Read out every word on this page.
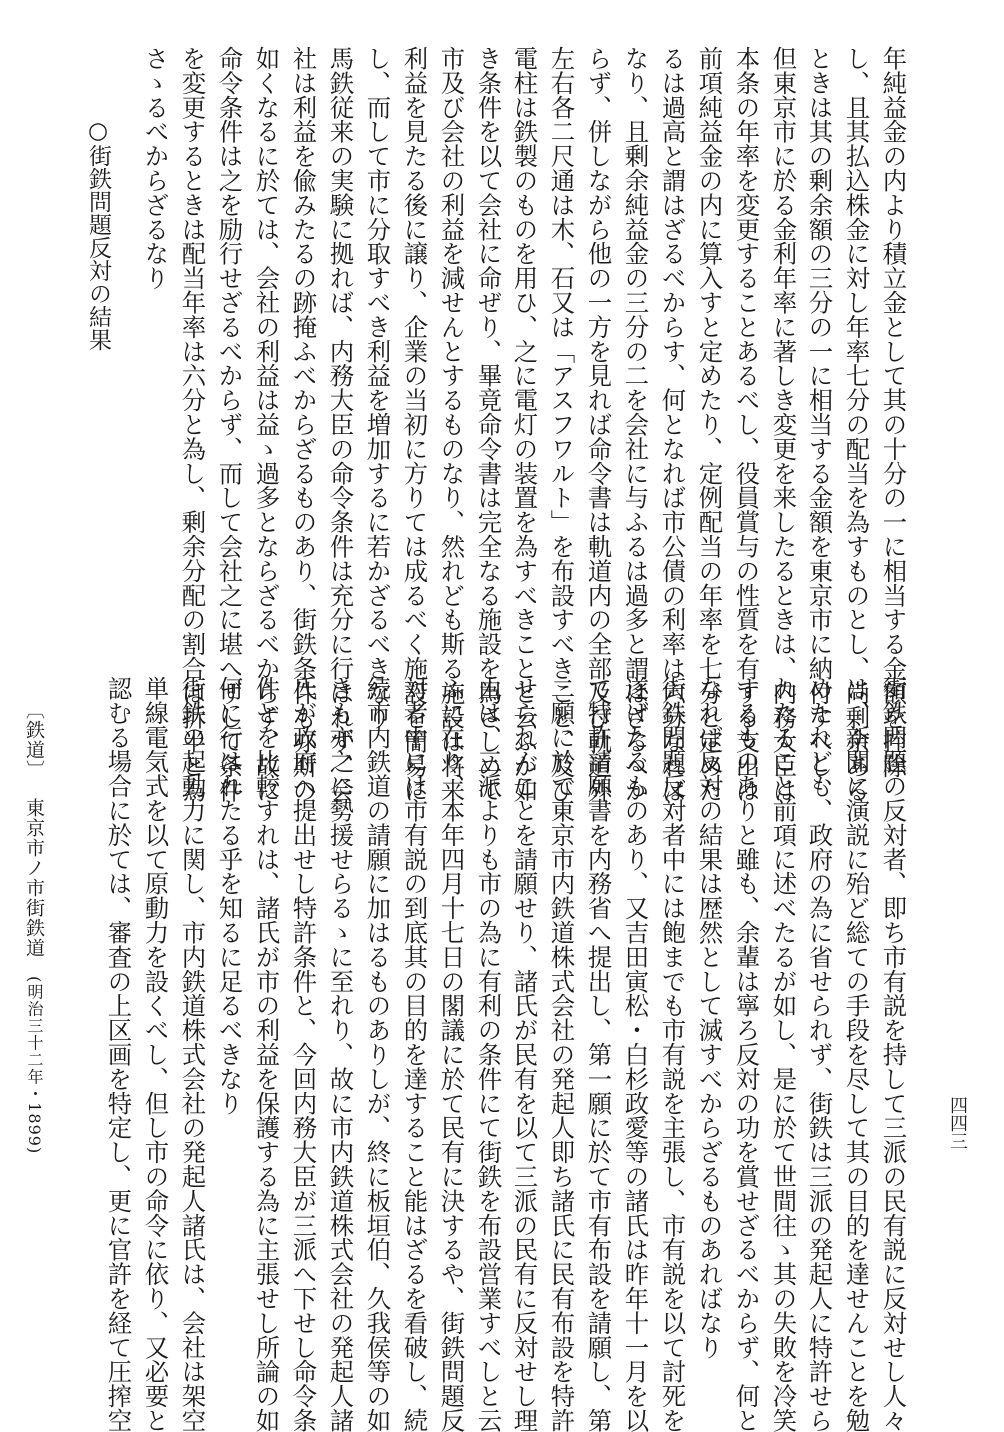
年純益金の内より積立金として其の十分の一に相当する金額を控除
し、且其払込株金に対し年率七分の配当を為すものとし、尚剰余ある
ときは其の剰余額の三分の一に相当する金額を東京市に納付すべし、
但東京市に於る金利年率に著しき変更を来したるときは、内務大臣は
本条の年率を変更することあるべし、役員賞与の性質を有する支出は
前項純益金の内に算入すと定めたり、定例配当の年率を七分と定めた
るは過高と謂はざるべからす、何となれば市公債の利率は六分なれば
なり、且剰余純益金の三分の二を会社に与ふるは過多と謂はざるべか
らず、併しながら他の一方を見れば命令書は軌道内の全部及び軌道外
左右各二尺通は木、石又は「アスフワルト」を布設すべきこと、及び
電柱は鉄製のものを用ひ、之に電灯の装置を為すべきことと云ふが如
き条件を以て会社に命ぜり、畢竟命令書は完全なる施設を為さしめて
市及び会社の利益を減せんとするものなり、然れども斯る施設は将来
利益を見たる後に譲り、企業の当初に方りては成るべく施設を簡易に
し、而して市に分取すべき利益を増加するに若かざるべきなり
馬鉄従来の実験に拠れば、内務大臣の命令条件は充分に行はれず、会
社は利益を偸みたるの跡掩ふべからざるものあり、街鉄条件も亦斯の
如くなるに於ては、会社の利益は益ゝ過多とならざるべからず、故に
命令条件は之を励行せざるべからず、而して会社之に堪へずして条件
を変更するときは配当年率は六分と為し、剰余分配の割合は折半と為
さゝるべからざるなり
○街鉄問題反対の結果
〔鉄道〕東京市ノ市街鉄道(明治三十二年・1899)	街鉄問題の反対者、即ち市有説を持して三派の民有説に反対せし人々
は、新聞に演説に殆ど総ての手段を尽して其の目的を達せんことを勉
めたれども、政府の為に省せられず、街鉄は三派の発起人に特許せら
れたること前項に述べたるが如し、是に於て世間往ゝ其の失敗を冷笑
するものありと雖も、余輩は寧ろ反対の功を賞せざるべからず、何と
なれば反対の結果は歴然として滅すべからざるものあればなり
街鉄問題反対者中には飽までも市有説を主張し、市有説を以て討死を
遂げたるものあり、又吉田寅松・白杉政愛等の諸氏は昨年十一月を以
て特許請願書を内務省へ提出し、第一願に於て市有布設を請願し、第
二願に於て東京市内鉄道株式会社の発起人即ち諸氏に民有布設を特許
せられんことを請願せり、諸氏が民有を以て三派の民有に反対せし理
由は、三派よりも市の為に有利の条件にて街鉄を布設営業すべしと云
ふに在り、本年四月十七日の閣議に於て民有に決するや、街鉄問題反
対者中には市有説の到底其の目的を達すること能はざるを看破し、続
続市内鉄道の請願に加はるものありしが、終に板垣伯、久我侯等の如
きも亦之に勢援せらるゝに至れり、故に市内鉄道株式会社の発起人諸
氏が政府へ提出せし特許条件と、今回内務大臣が三派へ下せし命令条
件とを比較すれは、諸氏が市の利益を保護する為に主張せし所論の如
何に行はれたる乎を知るに足るべきなり
街鉄の起動力に関し、市内鉄道株式会社の発起人諸氏は、会社は架空
単線電気式を以て原動力を設くべし、但し市の命令に依り、又必要と
認むる場合に於ては、審査の上区画を特定し、更に官許を経て圧搾空	四四三
